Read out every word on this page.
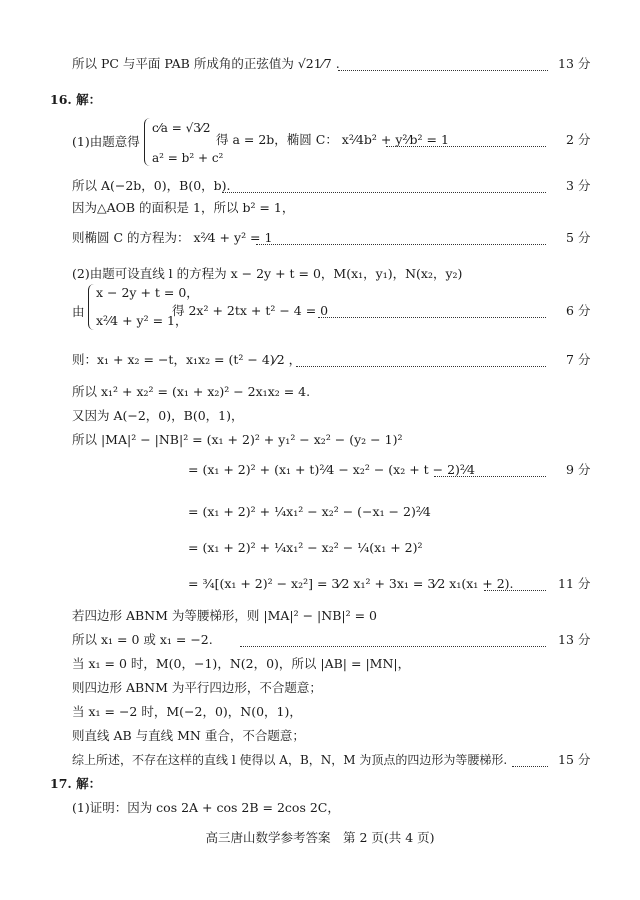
所以 PC 与平面 PAB 所成角的正弦值为 √21⁄7 .	13 分
16. 解：
(1)由题意得
c⁄a = √3⁄2
a² = b² + c²
得 a = 2b，椭圆 C： x²⁄4b² + y²⁄b² = 1	2 分
所以 A(−2b，0)，B(0，b).	3 分
因为△AOB 的面积是 1，所以 b² = 1，
则椭圆 C 的方程为： x²⁄4 + y² = 1	5 分
(2)由题可设直线 l 的方程为 x − 2y + t = 0，M(x₁，y₁)，N(x₂，y₂)
由
x − 2y + t = 0，
x²⁄4 + y² = 1，
得 2x² + 2tx + t² − 4 = 0	6 分
则：x₁ + x₂ = −t，x₁x₂ = (t² − 4)⁄2 ，	7 分
所以 x₁² + x₂² = (x₁ + x₂)² − 2x₁x₂ = 4.
又因为 A(−2，0)，B(0，1)，
所以 |MA|² − |NB|² = (x₁ + 2)² + y₁² − x₂² − (y₂ − 1)²
= (x₁ + 2)² + (x₁ + t)²⁄4 − x₂² − (x₂ + t − 2)²⁄4	9 分
= (x₁ + 2)² + ¼x₁² − x₂² − (−x₁ − 2)²⁄4
= (x₁ + 2)² + ¼x₁² − x₂² − ¼(x₁ + 2)²
= ¾[(x₁ + 2)² − x₂²] = 3⁄2 x₁² + 3x₁ = 3⁄2 x₁(x₁ + 2).	11 分
若四边形 ABNM 为等腰梯形，则 |MA|² − |NB|² = 0
所以 x₁ = 0 或 x₁ = −2.	13 分
当 x₁ = 0 时，M(0，−1)，N(2，0)，所以 |AB| = |MN|，
则四边形 ABNM 为平行四边形，不合题意；
当 x₁ = −2 时，M(−2，0)，N(0，1)，
则直线 AB 与直线 MN 重合，不合题意；
综上所述，不存在这样的直线 l 使得以 A，B，N，M 为顶点的四边形为等腰梯形.	15 分
17. 解：
(1)证明：因为 cos 2A + cos 2B = 2cos 2C，
高三唐山数学参考答案　第 2 页(共 4 页)
